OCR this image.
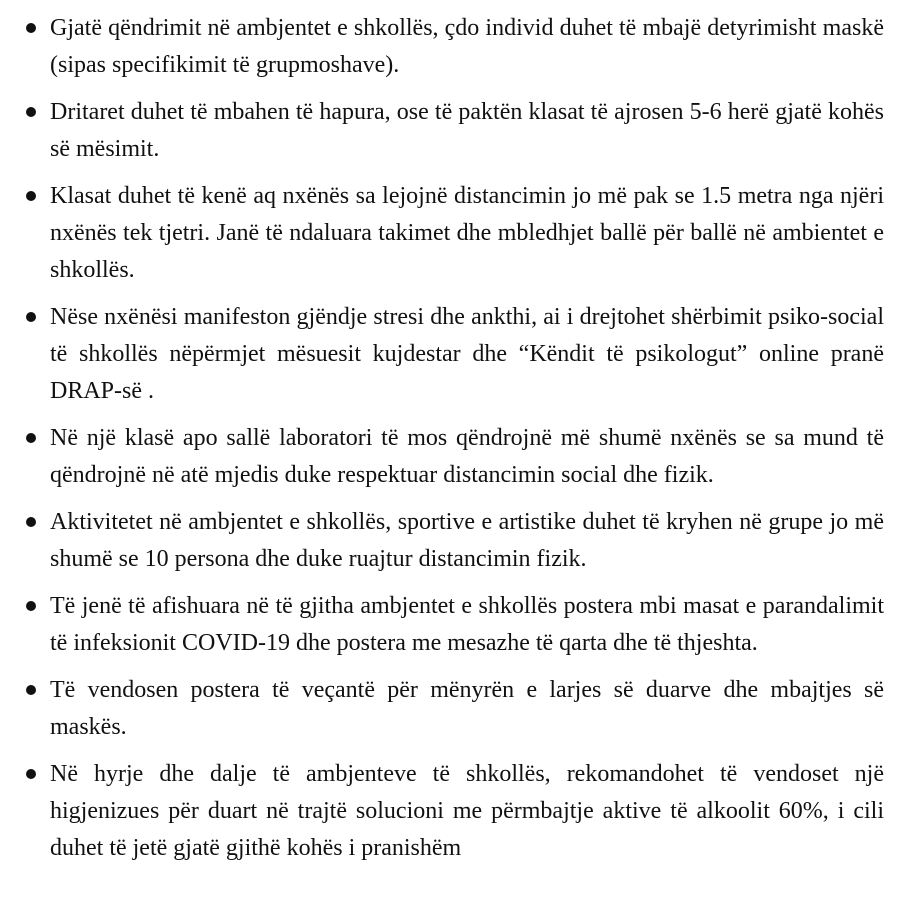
Gjatë qëndrimit në ambjentet e shkollës, çdo individ duhet të mbajë detyrimisht maskë (sipas specifikimit të grupmoshave).
Dritaret duhet të mbahen të hapura, ose të paktën klasat të ajrosen 5-6 herë gjatë kohës së mësimit.
Klasat duhet të kenë aq nxënës sa lejojnë distancimin jo më pak se 1.5 metra nga njëri nxënës tek tjetri. Janë të ndaluara takimet dhe mbledhjet ballë për ballë në ambientet e shkollës.
Nëse nxënësi manifeston gjëndje stresi dhe ankthi, ai i drejtohet shërbimit psiko-social të shkollës nëpërmjet mësuesit kujdestar dhe “Këndit të psikologut” online pranë DRAP-së .
Në një klasë apo sallë laboratori të mos qëndrojnë më shumë nxënës se sa mund të qëndrojnë në atë mjedis duke respektuar distancimin social dhe fizik.
Aktivitetet në ambjentet e shkollës, sportive e artistike duhet të kryhen në grupe jo më shumë se 10 persona dhe duke ruajtur distancimin fizik.
Të jenë të afishuara në të gjitha ambjentet e shkollës postera mbi masat e parandalimit të infeksionit COVID-19 dhe postera me mesazhe të qarta dhe të thjeshta.
Të vendosen postera të veçantë për mënyrën e larjes së duarve dhe mbajtjes së maskës.
Në hyrje dhe dalje të ambjenteve të shkollës, rekomandohet të vendoset një higjenizues për duart në trajtë solucioni me përmbajtje aktive të alkoolit 60%, i cili duhet të jetë gjatë gjithë kohës i pranishëm
